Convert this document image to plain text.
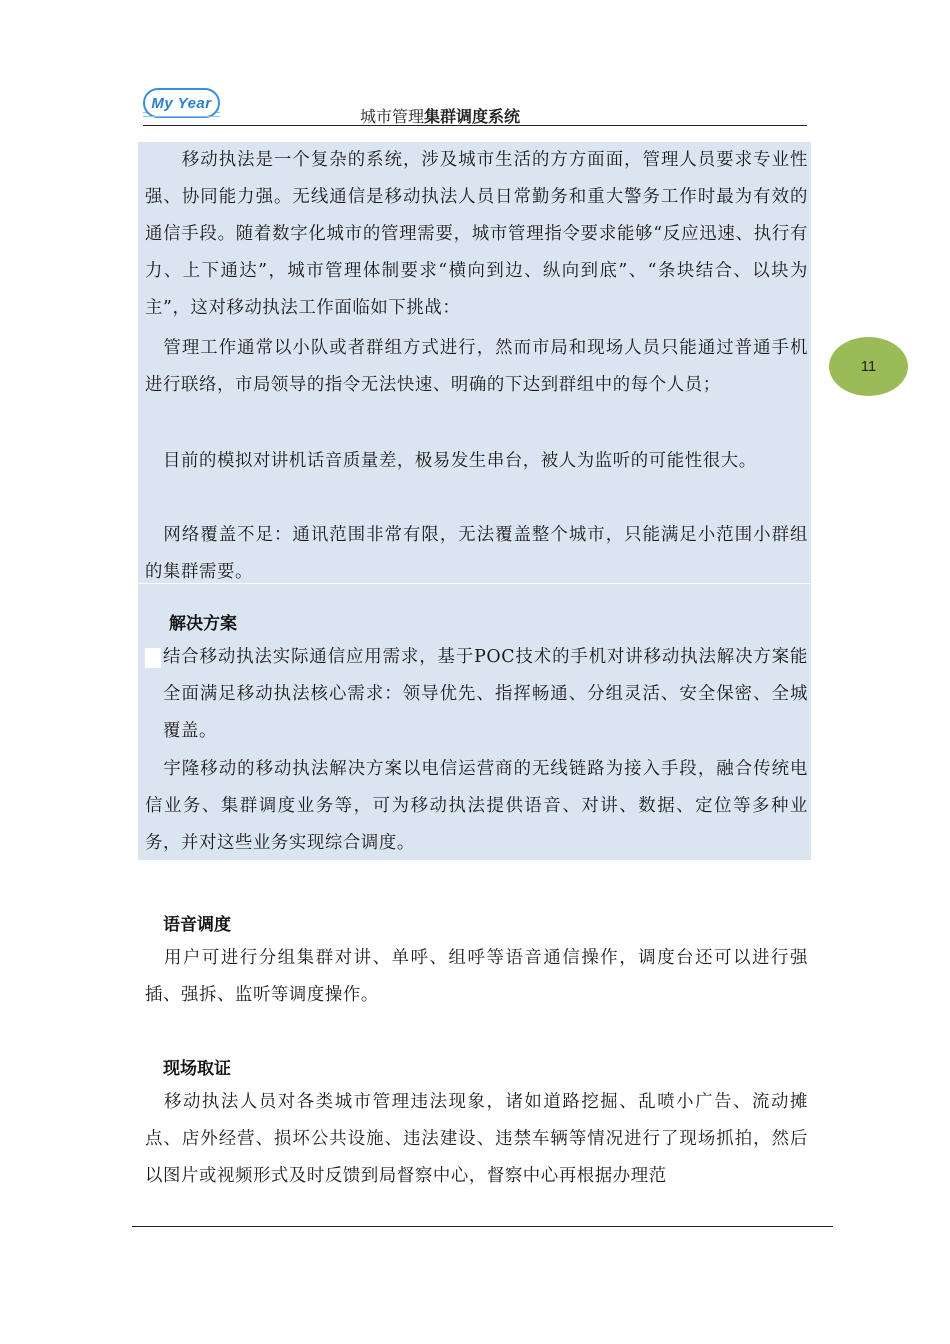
My Year
城市管理集群调度系统
11

　　移动执法是一个复杂的系统，涉及城市生活的方方面面，管理人员要求专业性强、协同能力强。无线通信是移动执法人员日常勤务和重大警务工作时最为有效的通信手段。随着数字化城市的管理需要，城市管理指令要求能够“反应迅速、执行有力、上下通达”，城市管理体制要求“横向到边、纵向到底”、“条块结合、以块为主”，这对移动执法工作面临如下挑战：

　管理工作通常以小队或者群组方式进行，然而市局和现场人员只能通过普通手机进行联络，市局领导的指令无法快速、明确的下达到群组中的每个人员；

　目前的模拟对讲机话音质量差，极易发生串台，被人为监听的可能性很大。

　网络覆盖不足：通讯范围非常有限，无法覆盖整个城市，只能满足小范围小群组的集群需要。

解决方案

结合移动执法实际通信应用需求，基于POC技术的手机对讲移动执法解决方案能全面满足移动执法核心需求：领导优先、指挥畅通、分组灵活、安全保密、全城覆盖。

　宇隆移动的移动执法解决方案以电信运营商的无线链路为接入手段，融合传统电信业务、集群调度业务等，可为移动执法提供语音、对讲、数据、定位等多种业务，并对这些业务实现综合调度。

语音调度

　用户可进行分组集群对讲、单呼、组呼等语音通信操作，调度台还可以进行强插、强拆、监听等调度操作。

现场取证

　移动执法人员对各类城市管理违法现象，诸如道路挖掘、乱喷小广告、流动摊点、店外经营、损坏公共设施、违法建设、违禁车辆等情况进行了现场抓拍，然后以图片或视频形式及时反馈到局督察中心，督察中心再根据办理范
